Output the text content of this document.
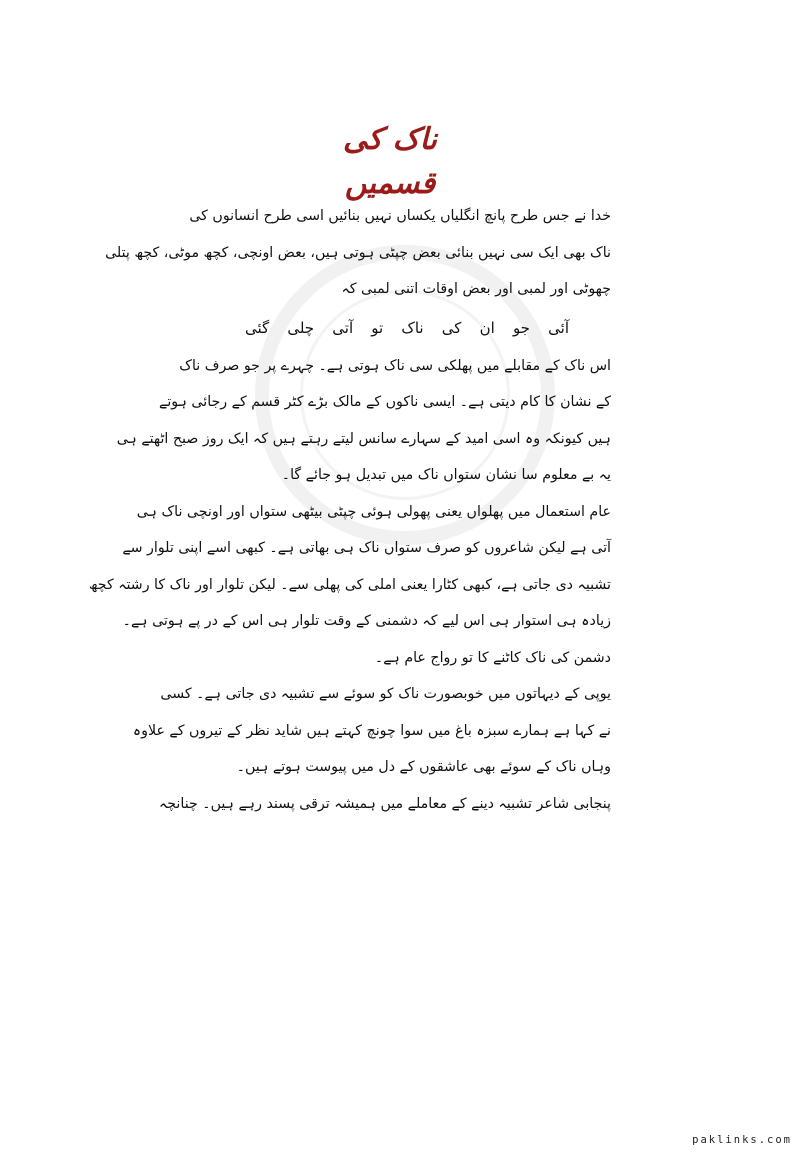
ناک کی قسمیں
خدا نے جس طرح پانچ انگلیاں یکساں نہیں بنائیں اسی طرح انسانوں کی
ناک بھی ایک سی نہیں بنائی بعض چپٹی ہوتی ہیں، بعض اونچی، کچھ موٹی، کچھ پتلی
چھوٹی اور لمبی اور بعض اوقات اتنی لمبی کہ
آئی
جو
ان
کی
ناک
تو
آتی
چلی
گئی
اس ناک کے مقابلے میں پھلکی سی ناک ہوتی ہے۔ چہرے پر جو صرف ناک
کے نشان کا کام دیتی ہے۔ ایسی ناکوں کے مالک بڑے کٹر قسم کے رجائی ہوتے
ہیں کیونکہ وہ اسی امید کے سہارے سانس لیتے رہتے ہیں کہ ایک روز صبح اٹھتے ہی
یہ بے معلوم سا نشان ستواں ناک میں تبدیل ہو جائے گا۔
عام استعمال میں پھلواں یعنی پھولی ہوئی چپٹی بیٹھی ستواں اور اونچی ناک ہی
آتی ہے لیکن شاعروں کو صرف ستواں ناک ہی بھاتی ہے۔ کبھی اسے اپنی تلوار سے
تشبیہ دی جاتی ہے، کبھی کٹارا یعنی املی کی پھلی سے۔ لیکن تلوار اور ناک کا رشتہ کچھ
زیادہ ہی استوار ہی اس لیے کہ دشمنی کے وقت تلوار ہی اس کے در پے ہوتی ہے۔
دشمن کی ناک کاٹنے کا تو رواج عام ہے۔
یوپی کے دیہاتوں میں خوبصورت ناک کو سوئے سے تشبیہ دی جاتی ہے۔ کسی
نے کہا ہے ہمارے سبزہ باغ میں سوا چونچ کہتے ہیں شاید نظر کے تیروں کے علاوہ
وہاں ناک کے سوئے بھی عاشقوں کے دل میں پیوست ہوتے ہیں۔
پنجابی شاعر تشبیہ دینے کے معاملے میں ہمیشہ ترقی پسند رہے ہیں۔ چنانچہ
paklinks.com
